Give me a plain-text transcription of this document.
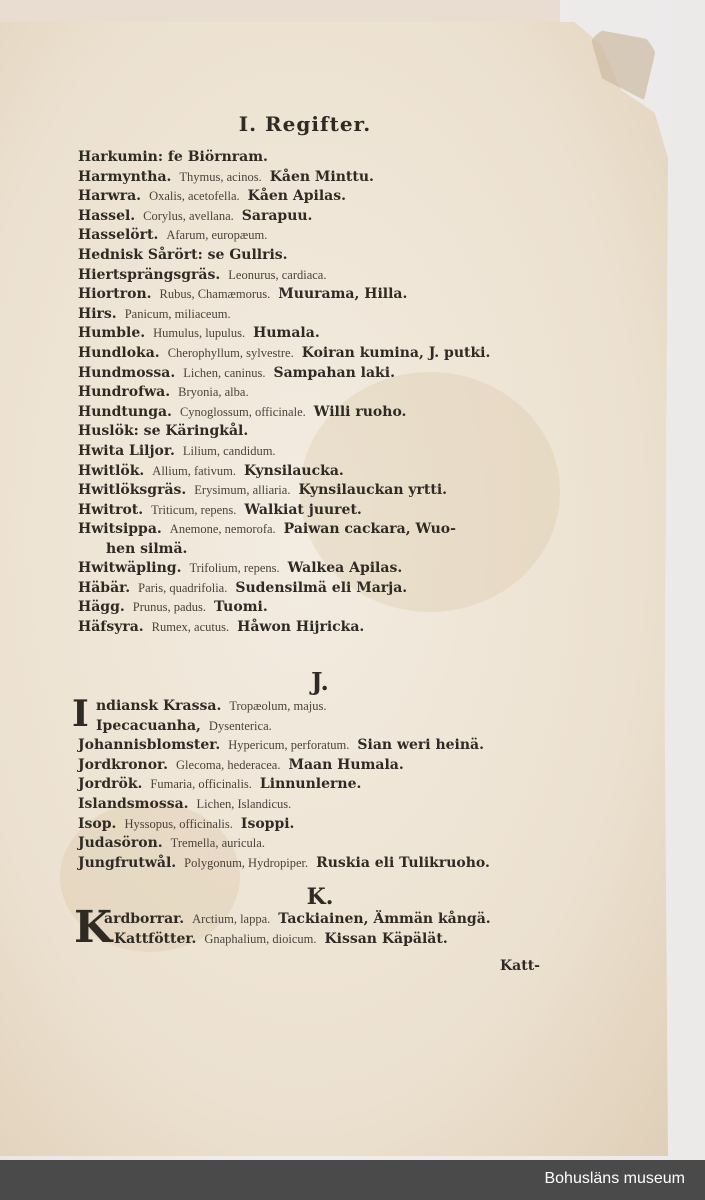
I. Regifter.
Harkumin: fe Biörnram.
Harmyntha. Thymus, acinos. Kåen Minttu.
Harwra. Oxalis, acetofella. Kåen Apilas.
Hassel. Corylus, avellana. Sarapuu.
Hasselört. Afarum, europæum.
Hednisk Sårört: se Gullris.
Hiertsprängsgräs. Leonurus, cardiaca.
Hiortron. Rubus, Chamæmorus. Muurama, Hilla.
Hirs. Panicum, miliaceum.
Humble. Humulus, lupulus. Humala.
Hundloka. Cherophyllum, sylvestre. Koiran kumina, J. putki.
Hundmossa. Lichen, caninus. Sampahan laki.
Hundrofwa. Bryonia, alba.
Hundtunga. Cynoglossum, officinale. Willi ruoho.
Huslök: se Käringkål.
Hwita Liljor. Lilium, candidum.
Hwitlök. Allium, fativum. Kynsilaucka.
Hwitlöksgräs. Erysimum, alliaria. Kynsilauckan yrtti.
Hwitrot. Triticum, repens. Walkiat juuret.
Hwitsippa. Anemone, nemorofa. Paiwan cackara, Wuo-
hen silmä.
Hwitwäpling. Trifolium, repens. Walkea Apilas.
Häbär. Paris, quadrifolia. Sudensilmä eli Marja.
Hägg. Prunus, padus. Tuomi.
Häfsyra. Rumex, acutus. Håwon Hijricka.
J.
I ndiansk Krassa. Tropæolum, majus.
Ipecacuanha, Dysenterica.
Johannisblomster. Hypericum, perforatum. Sian weri heinä.
Jordkronor. Glecoma, hederacea. Maan Humala.
Jordrök. Fumaria, officinalis. Linnunlerne.
Islandsmossa. Lichen, Islandicus.
Isop. Hyssopus, officinalis. Isoppi.
Judasöron. Tremella, auricula.
Jungfrutwål. Polygonum, Hydropiper. Ruskia eli Tulikruoho.
K.
K
ardborrar. Arctium, lappa. Tackiainen, Ämmän kångä.
Kattfötter. Gnaphalium, dioicum. Kissan Käpälät.
Katt-
Bohusläns museum
